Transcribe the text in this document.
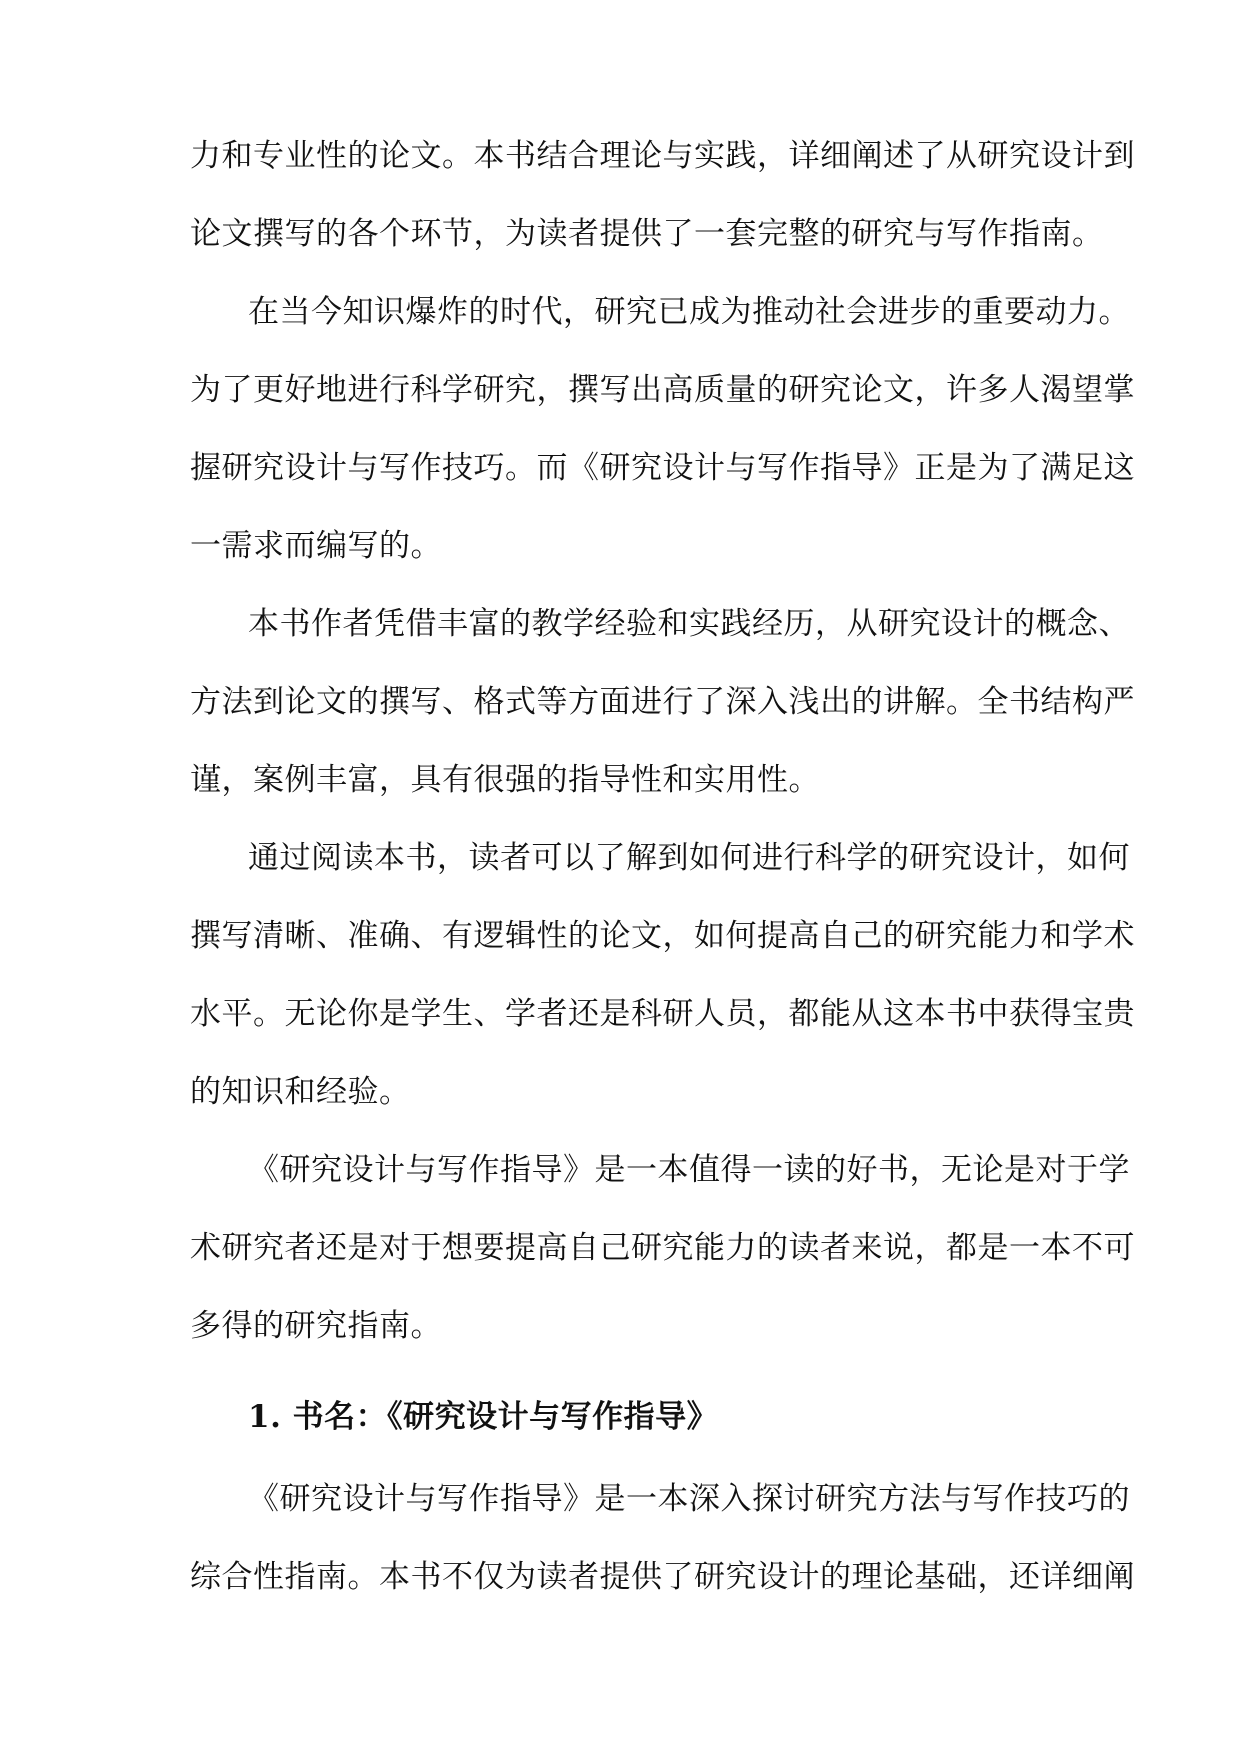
力和专业性的论文。本书结合理论与实践，详细阐述了从研究设计到
论文撰写的各个环节，为读者提供了一套完整的研究与写作指南。
在当今知识爆炸的时代，研究已成为推动社会进步的重要动力。
为了更好地进行科学研究，撰写出高质量的研究论文，许多人渴望掌
握研究设计与写作技巧。而《研究设计与写作指导》正是为了满足这
一需求而编写的。
本书作者凭借丰富的教学经验和实践经历，从研究设计的概念、
方法到论文的撰写、格式等方面进行了深入浅出的讲解。全书结构严
谨，案例丰富，具有很强的指导性和实用性。
通过阅读本书，读者可以了解到如何进行科学的研究设计，如何
撰写清晰、准确、有逻辑性的论文，如何提高自己的研究能力和学术
水平。无论你是学生、学者还是科研人员，都能从这本书中获得宝贵
的知识和经验。
《研究设计与写作指导》是一本值得一读的好书，无论是对于学
术研究者还是对于想要提高自己研究能力的读者来说，都是一本不可
多得的研究指南。
1. 书名：《研究设计与写作指导》
《研究设计与写作指导》是一本深入探讨研究方法与写作技巧的
综合性指南。本书不仅为读者提供了研究设计的理论基础，还详细阐
